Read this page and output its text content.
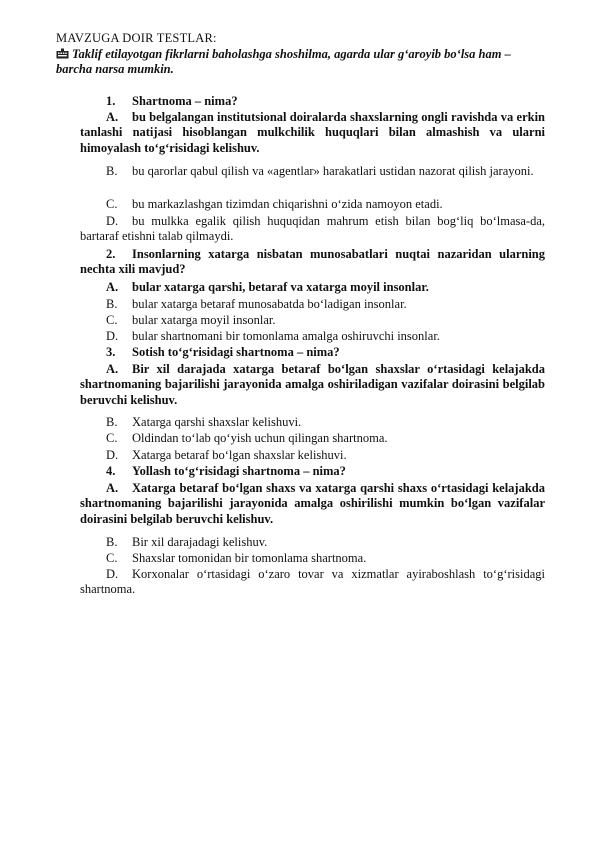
MAVZUGA DOIR TESTLAR:
Taklif etilayotgan fikrlarni baholashga shoshilma, agarda ular g‘aroyib bo‘lsa ham – barcha narsa mumkin.
1. Shartnoma – nima?
A. bu belgalangan institutsional doiralarda shaxslarning ongli ravishda va erkin tanlashi natijasi hisoblangan mulkchilik huquqlari bilan almashish va ularni himoyalash to‘g‘risidagi kelishuv.
B. bu qarorlar qabul qilish va «agentlar» harakatlari ustidan nazorat qilish jarayoni.
C. bu markazlashgan tizimdan chiqarishni o‘zida namoyon etadi.
D. bu mulkka egalik qilish huquqidan mahrum etish bilan bog‘liq bo‘lmasa-da, bartaraf etishni talab qilmaydi.
2. Insonlarning xatarga nisbatan munosabatlari nuqtai nazaridan ularning nechta xili mavjud?
A. bular xatarga qarshi, betaraf va xatarga moyil insonlar.
B. bular xatarga betaraf munosabatda bo‘ladigan insonlar.
C. bular xatarga moyil insonlar.
D. bular shartnomani bir tomonlama amalga oshiruvchi insonlar.
3. Sotish to‘g‘risidagi shartnoma – nima?
A. Bir xil darajada xatarga betaraf bo‘lgan shaxslar o‘rtasidagi kelajakda shartnomaning bajarilishi jarayonida amalga oshiriladigan vazifalar doirasini belgilab beruvchi kelishuv.
B. Xatarga qarshi shaxslar kelishuvi.
C. Oldindan to‘lab qo‘yish uchun qilingan shartnoma.
D. Xatarga betaraf bo‘lgan shaxslar kelishuvi.
4. Yollash to‘g‘risidagi shartnoma – nima?
A. Xatarga betaraf bo‘lgan shaxs va xatarga qarshi shaxs o‘rtasidagi kelajakda shartnomaning bajarilishi jarayonida amalga oshirilishi mumkin bo‘lgan vazifalar doirasini belgilab beruvchi kelishuv.
B. Bir xil darajadagi kelishuv.
C. Shaxslar tomonidan bir tomonlama shartnoma.
D. Korxonalar o‘rtasidagi o‘zaro tovar va xizmatlar ayiraboshlash to‘g‘risidagi shartnoma.
